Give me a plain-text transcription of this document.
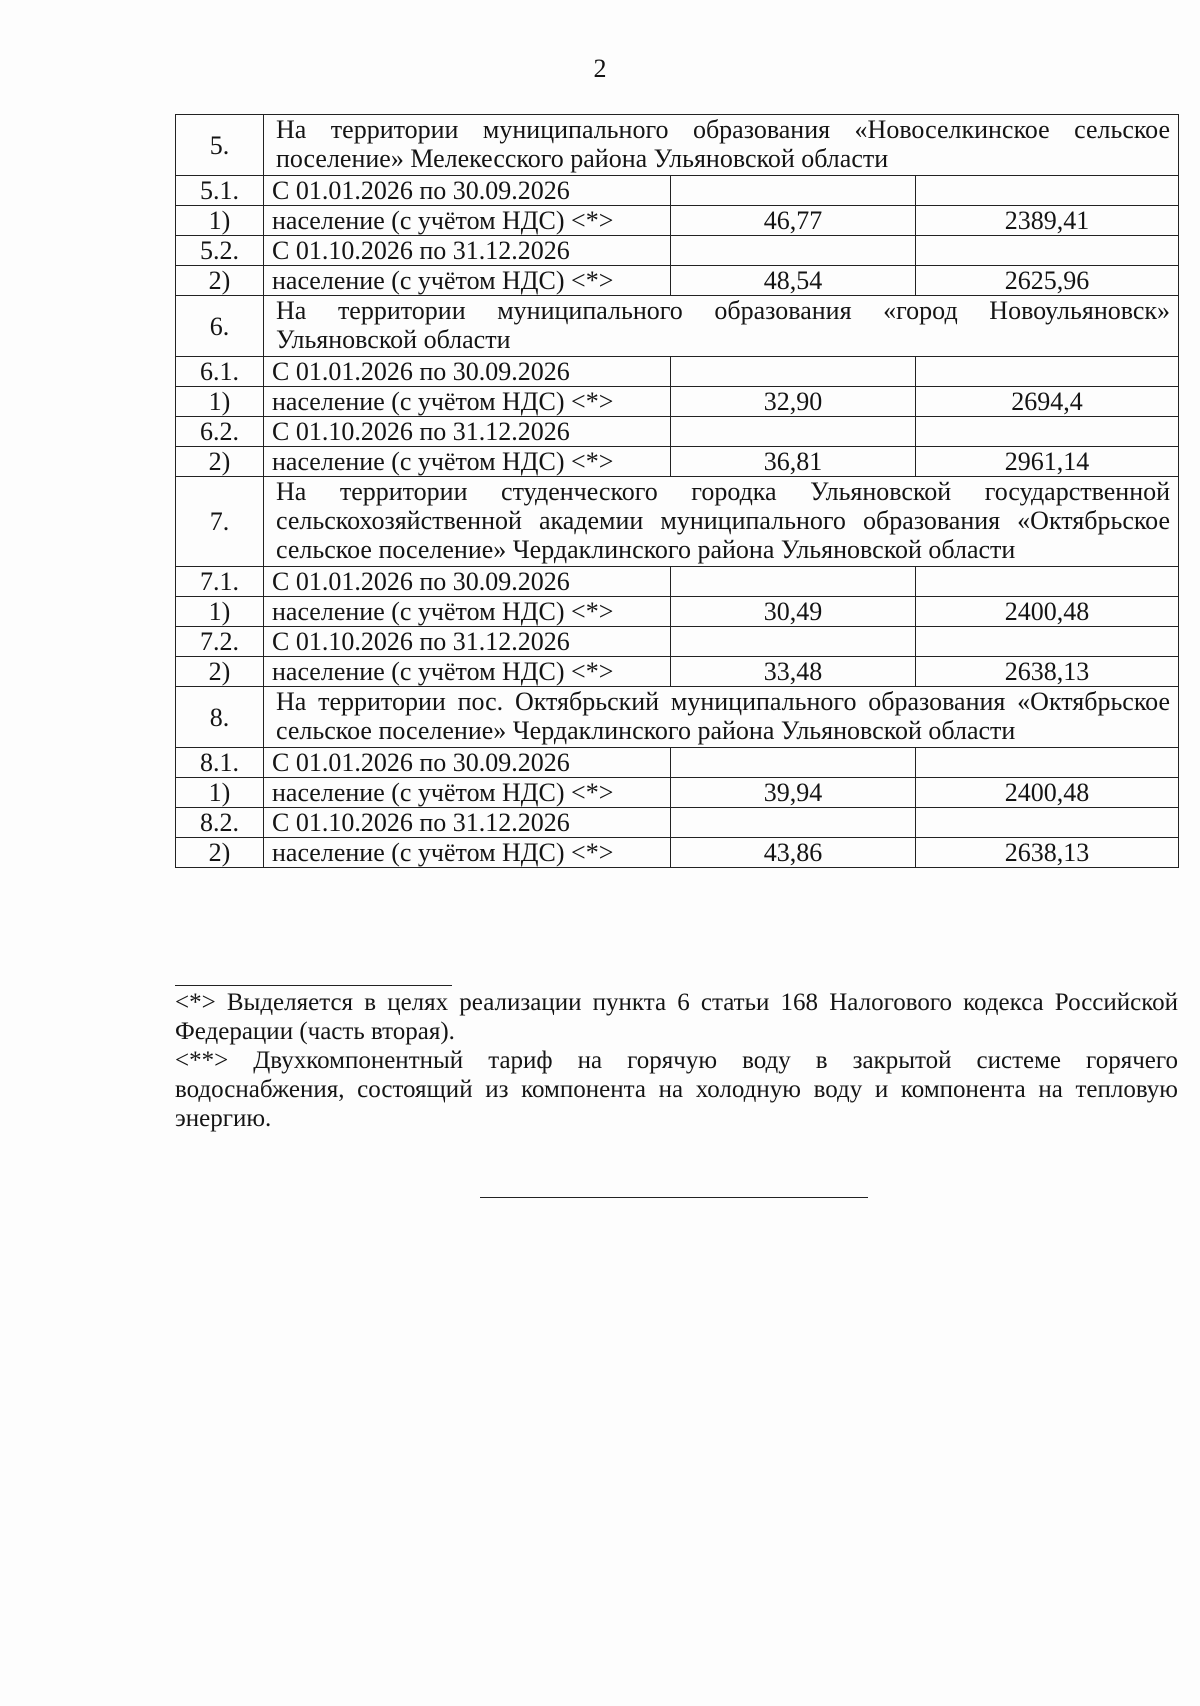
2
5.	На территории муниципального образования «Новоселкинское сельское поселение» Мелекесского района Ульяновской области		
5.1.	С 01.01.2026 по 30.09.2026		
1)	население (с учётом НДС) <*>	46,77	2389,41
5.2.	С 01.10.2026 по 31.12.2026		
2)	население (с учётом НДС) <*>	48,54	2625,96
6.	На территории муниципального образования «город Новоульяновск» Ульяновской области		
6.1.	С 01.01.2026 по 30.09.2026		
1)	население (с учётом НДС) <*>	32,90	2694,4
6.2.	С 01.10.2026 по 31.12.2026		
2)	население (с учётом НДС) <*>	36,81	2961,14
7.	На территории студенческого городка Ульяновской государственной сельскохозяйственной академии муниципального образования «Октябрьское сельское поселение» Чердаклинского района Ульяновской области		
7.1.	С 01.01.2026 по 30.09.2026		
1)	население (с учётом НДС) <*>	30,49	2400,48
7.2.	С 01.10.2026 по 31.12.2026		
2)	население (с учётом НДС) <*>	33,48	2638,13
8.	На территории пос. Октябрьский муниципального образования «Октябрьское сельское поселение» Чердаклинского района Ульяновской области		
8.1.	С 01.01.2026 по 30.09.2026		
1)	население (с учётом НДС) <*>	39,94	2400,48
8.2.	С 01.10.2026 по 31.12.2026		
2)	население (с учётом НДС) <*>	43,86	2638,13

<*> Выделяется в целях реализации пункта 6 статьи 168 Налогового кодекса Российской Федерации (часть вторая).

<**> Двухкомпонентный тариф на горячую воду в закрытой системе горячего водоснабжения, состоящий из компонента на холодную воду и компонента на тепловую энергию.
